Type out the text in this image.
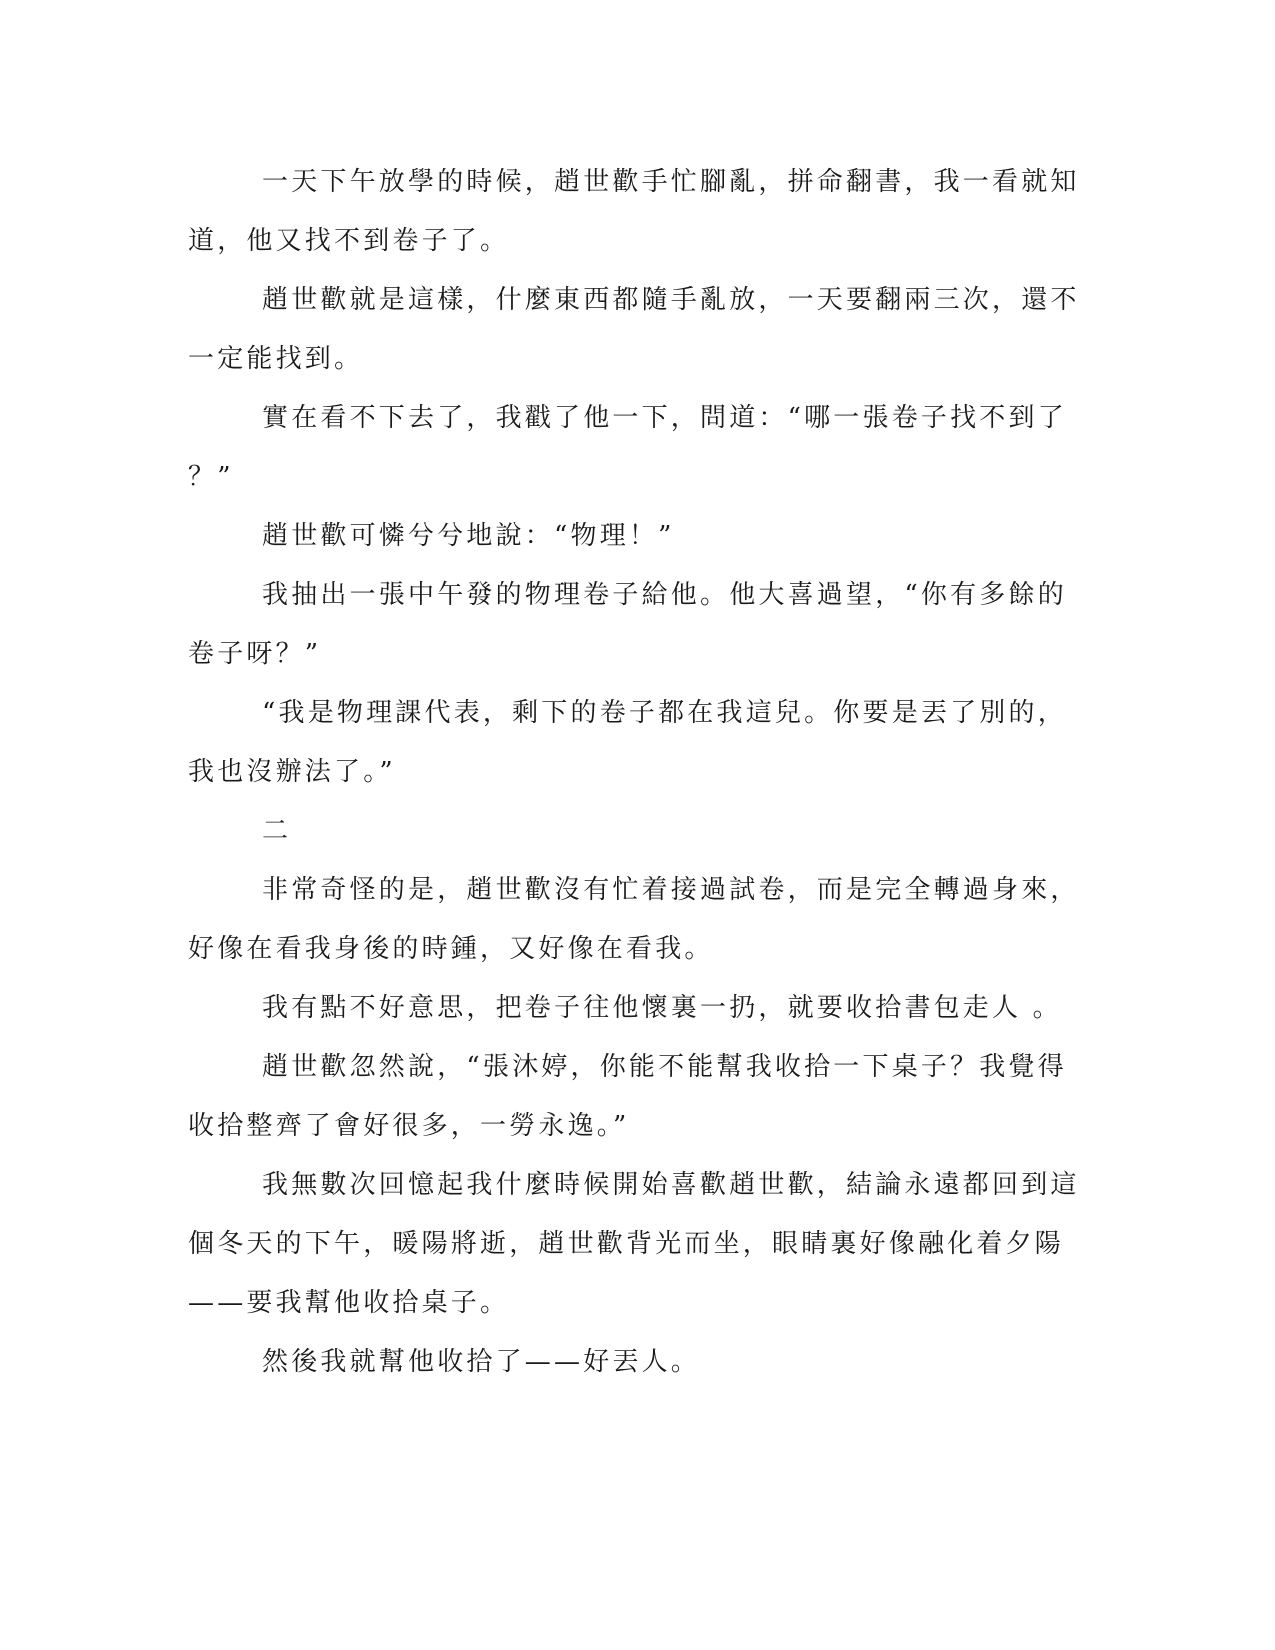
一天下午放學的時候，趙世歡手忙腳亂，拼命翻書，我一看就知
道，他又找不到卷子了。
趙世歡就是這樣，什麼東西都隨手亂放，一天要翻兩三次，還不
一定能找到。
實在看不下去了，我戳了他一下，問道：“哪一張卷子找不到了
？”
趙世歡可憐兮兮地說：“物理！”
我抽出一張中午發的物理卷子給他。他大喜過望，“你有多餘的
卷子呀？”
“我是物理課代表，剩下的卷子都在我這兒。你要是丟了別的，
我也沒辦法了。”
二
非常奇怪的是，趙世歡沒有忙着接過試卷，而是完全轉過身來，
好像在看我身後的時鍾，又好像在看我。
我有點不好意思，把卷子往他懷裏一扔，就要收拾書包走人 。
趙世歡忽然說，“張沐婷，你能不能幫我收拾一下桌子？我覺得
收拾整齊了會好很多，一勞永逸。”
我無數次回憶起我什麼時候開始喜歡趙世歡，結論永遠都回到這
個冬天的下午，暖陽將逝，趙世歡背光而坐，眼睛裏好像融化着夕陽
——要我幫他收拾桌子。
然後我就幫他收拾了——好丟人。
